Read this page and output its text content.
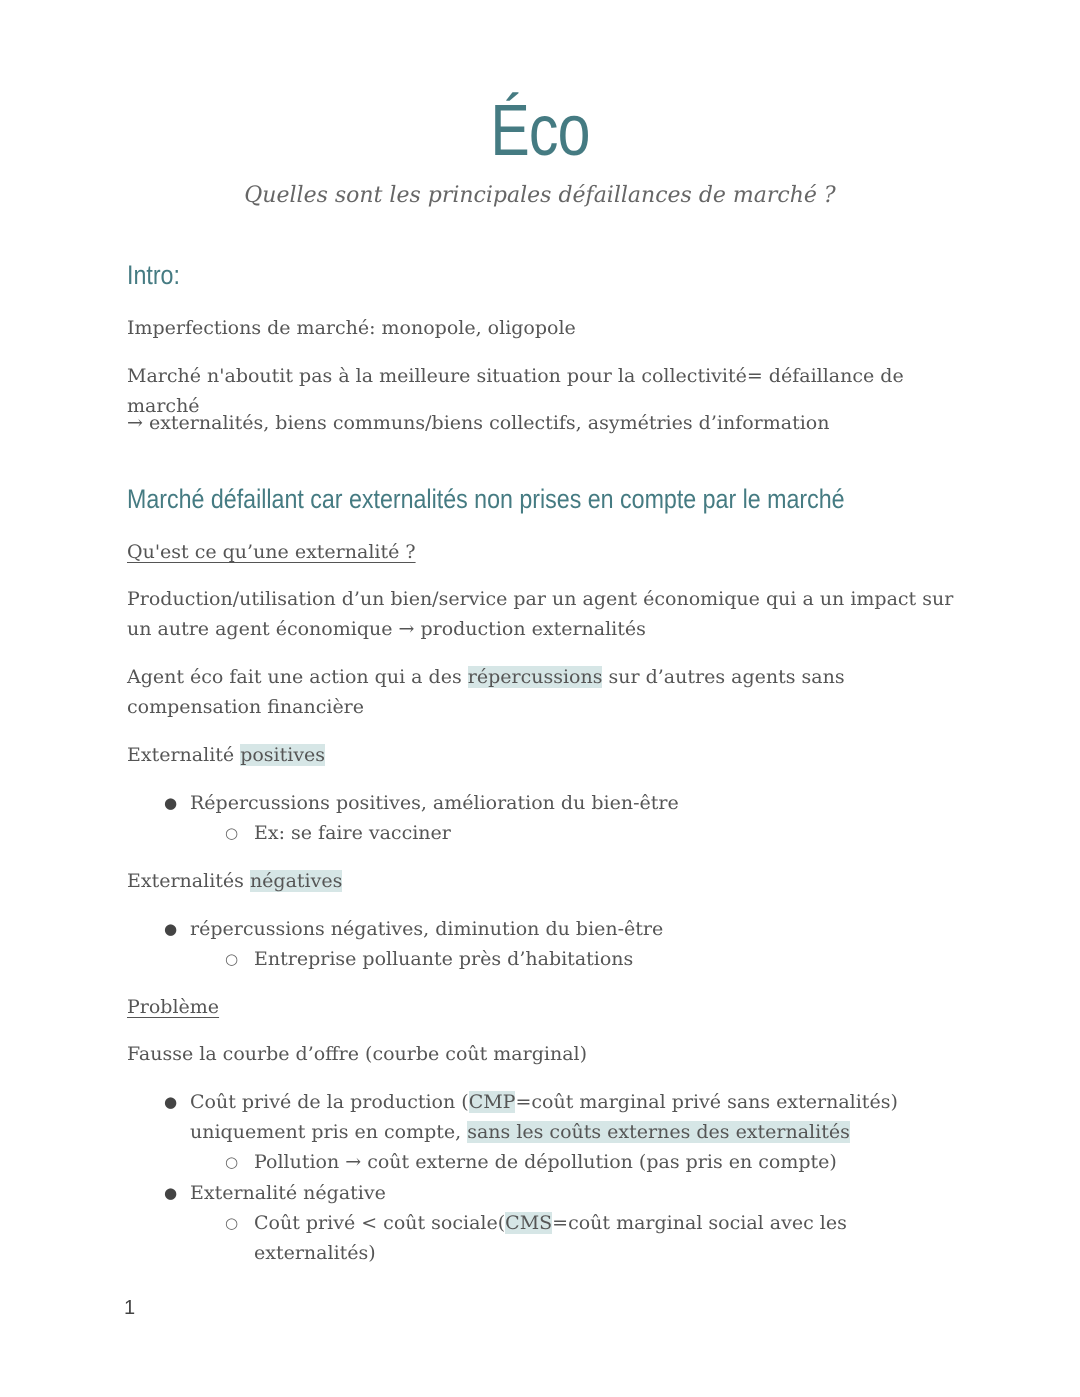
Éco
Quelles sont les principales défaillances de marché ?
Intro:
Imperfections de marché: monopole, oligopole
Marché n'aboutit pas à la meilleure situation pour la collectivité= défaillance de marché
→ externalités, biens communs/biens collectifs, asymétries d’information
Marché défaillant car externalités non prises en compte par le marché
Qu'est ce qu’une externalité ?
Production/utilisation d’un bien/service par un agent économique qui a un impact sur un autre agent économique → production externalités
Agent éco fait une action qui a des répercussions sur d’autres agents sans compensation financière
Externalité positives
● Répercussions positives, amélioration du bien-être
○ Ex: se faire vacciner
Externalités négatives
● répercussions négatives, diminution du bien-être
○ Entreprise polluante près d’habitations
Problème
Fausse la courbe d’offre (courbe coût marginal)
● Coût privé de la production (CMP=coût marginal privé sans externalités) uniquement pris en compte, sans les coûts externes des externalités
○ Pollution → coût externe de dépollution (pas pris en compte)
● Externalité négative
○ Coût privé < coût sociale(CMS=coût marginal social avec les externalités)
1
